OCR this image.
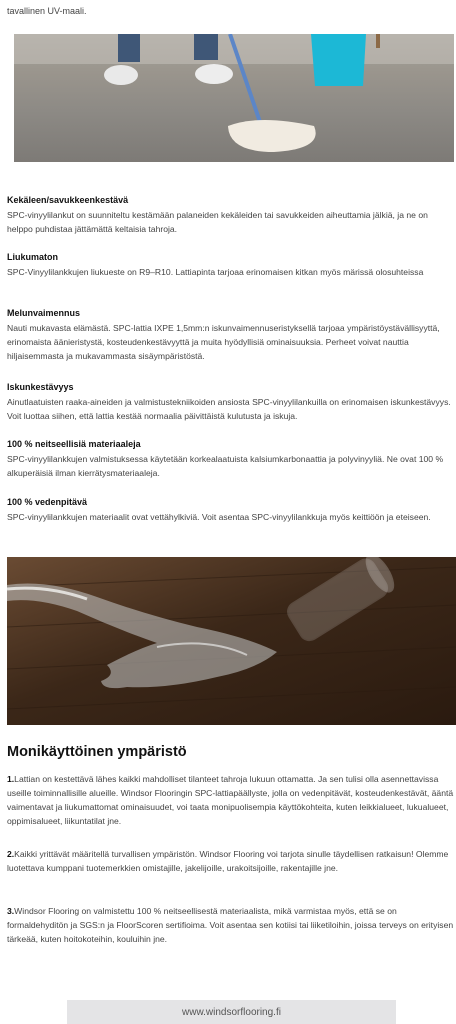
tavallinen UV-maali.
Kekäleen/savukkeenkestävä

SPC-vinyylilankut on suunniteltu kestämään palaneiden kekäleiden tai savukkeiden aiheuttamia jälkiä, ja ne on helppo puhdistaa jättämättä keltaisia tahroja.

Liukumaton

SPC-Vinyylilankkujen liukueste on R9–R10. Lattiapinta tarjoaa erinomaisen kitkan myös märissä olosuhteissa

Melunvaimennus

Nauti mukavasta elämästä. SPC-lattia IXPE 1,5mm:n iskunvaimennuseristyksellä tarjoaa ympäristöystävällisyyttä, erinomaista äänieristystä, kosteudenkestävyyttä ja muita hyödyllisiä ominaisuuksia. Perheet voivat nauttia hiljaisemmasta ja mukavammasta sisäympäristöstä.

Iskunkestävyys

Ainutlaatuisten raaka-aineiden ja valmistustekniikoiden ansiosta SPC-vinyylilankuilla on erinomaisen iskunkestävyys. Voit luottaa siihen, että lattia kestää normaalia päivittäistä kulutusta ja iskuja.

100 % neitseellisiä materiaaleja

SPC-vinyylilankkujen valmistuksessa käytetään korkealaatuista kalsiumkarbonaattia ja polyvinyyliä. Ne ovat 100 % alkuperäisiä ilman kierrätysmateriaaleja.

100 % vedenpitävä

SPC-vinyylilankkujen materiaalit ovat vettähylkiviä. Voit asentaa SPC-vinyylilankkuja myös keittiöön ja eteiseen.

Monikäyttöinen ympäristö
1.Lattian on kestettävä lähes kaikki mahdolliset tilanteet tahroja lukuun ottamatta. Ja sen tulisi olla asennettavissa useille toiminnallisille alueille. Windsor Flooringin SPC-lattiapäällyste, jolla on vedenpitävät, kosteudenkestävät, ääntä vaimentavat ja liukumattomat ominaisuudet, voi taata monipuolisempia käyttökohteita, kuten leikkialueet, lukualueet, oppimisalueet, liikuntatilat jne.
2.Kaikki yrittävät määritellä turvallisen ympäristön. Windsor Flooring voi tarjota sinulle täydellisen ratkaisun! Olemme luotettava kumppani tuotemerkkien omistajille, jakelijoille, urakoitsijoille, rakentajille jne.
3.Windsor Flooring on valmistettu 100 % neitseellisestä materiaalista, mikä varmistaa myös, että se on formaldehyditön ja SGS:n ja FloorScoren sertifioima. Voit asentaa sen kotiisi tai liiketiloihin, joissa terveys on erityisen tärkeää, kuten hoitokoteihin, kouluihin jne.
www.windsorflooring.fi
